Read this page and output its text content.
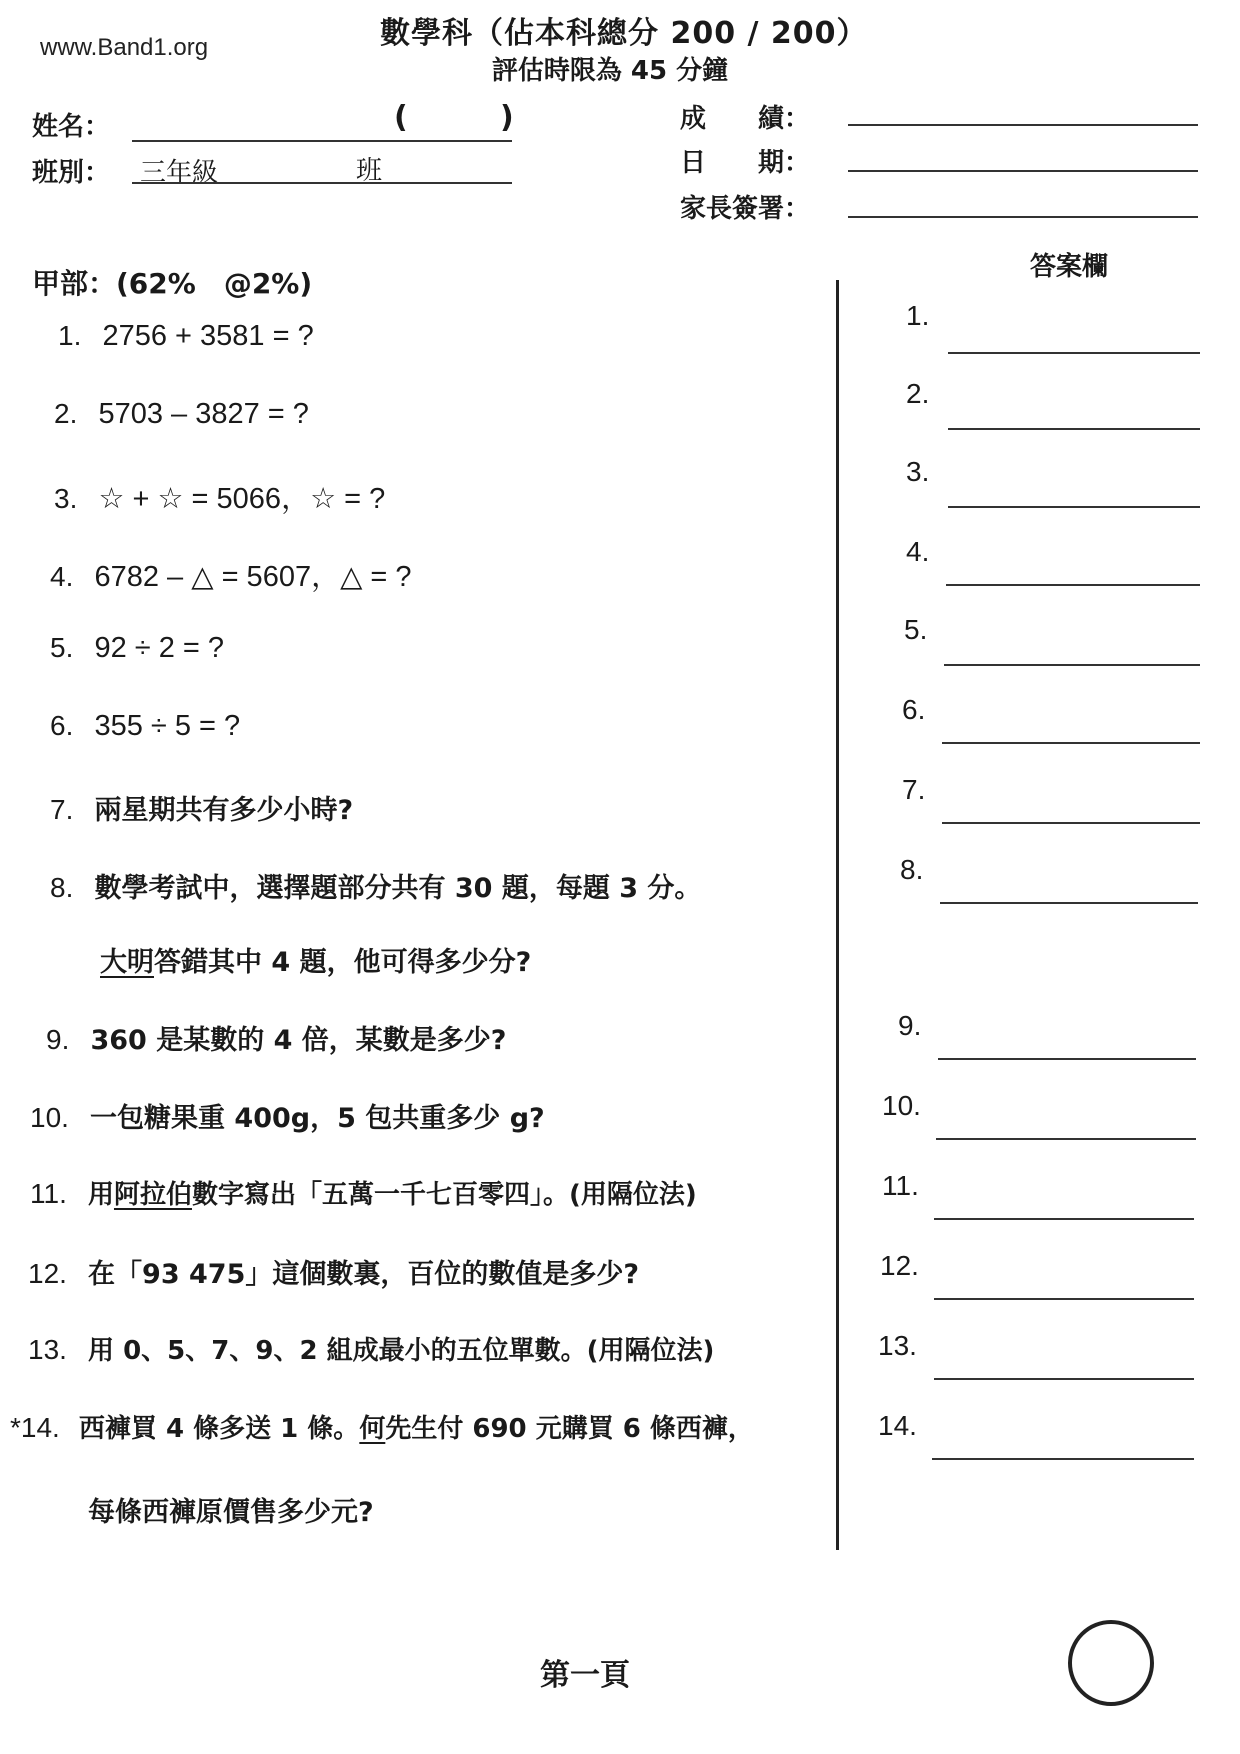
www.Band1.org	數學科（佔本科總分 200 / 200）
評估時限為 45 分鐘
姓名：	(	)
班別： 三年級	班
成　　績：
日　　期：
家長簽署：
甲部：(62%　@2%)	答案欄
1. 2756 + 3581 = ?
2. 5703 – 3827 = ?
3. ☆ + ☆ = 5066，☆ = ?
4. 6782 – △ = 5607，△ = ?
5. 92 ÷ 2 = ?
6. 355 ÷ 5 = ?
7. 兩星期共有多少小時?
8. 數學考試中，選擇題部分共有 30 題，每題 3 分。
大明答錯其中 4 題，他可得多少分?
9. 360 是某數的 4 倍，某數是多少?
10. 一包糖果重 400g，5 包共重多少 g?
11. 用阿拉伯數字寫出「五萬一千七百零四」。(用隔位法)
12. 在「93 475」這個數裏，百位的數值是多少?
13. 用 0、5、7、9、2 組成最小的五位單數。(用隔位法)
*14. 西褲買 4 條多送 1 條。何先生付 690 元購買 6 條西褲，
每條西褲原價售多少元?
1.
2.
3.
4.
5.
6.
7.
8.
9.
10.
11.
12.
13.
14.
第一頁
